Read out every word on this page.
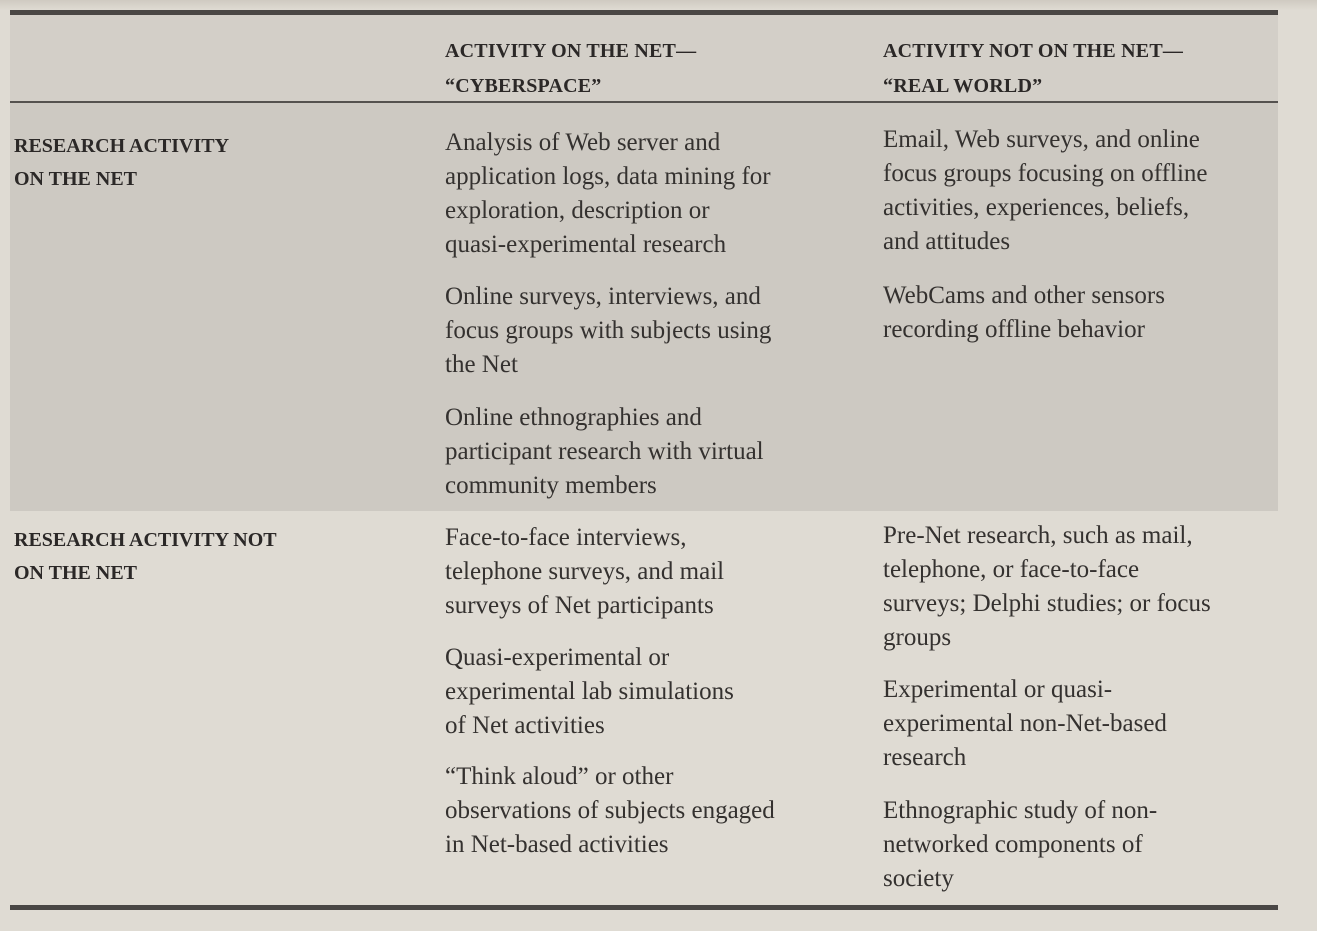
ACTIVITY ON THE NET—
“CYBERSPACE”
ACTIVITY NOT ON THE NET—
“REAL WORLD”
RESEARCH ACTIVITY
ON THE NET
Analysis of Web server and
application logs, data mining for
exploration, description or
quasi-experimental research
Online surveys, interviews, and
focus groups with subjects using
the Net
Online ethnographies and
participant research with virtual
community members
Email, Web surveys, and online
focus groups focusing on offline
activities, experiences, beliefs,
and attitudes
WebCams and other sensors
recording offline behavior
RESEARCH ACTIVITY NOT
ON THE NET
Face-to-face interviews,
telephone surveys, and mail
surveys of Net participants
Quasi-experimental or
experimental lab simulations
of Net activities
“Think aloud” or other
observations of subjects engaged
in Net-based activities
Pre-Net research, such as mail,
telephone, or face-to-face
surveys; Delphi studies; or focus
groups
Experimental or quasi-
experimental non-Net-based
research
Ethnographic study of non-
networked components of
society
